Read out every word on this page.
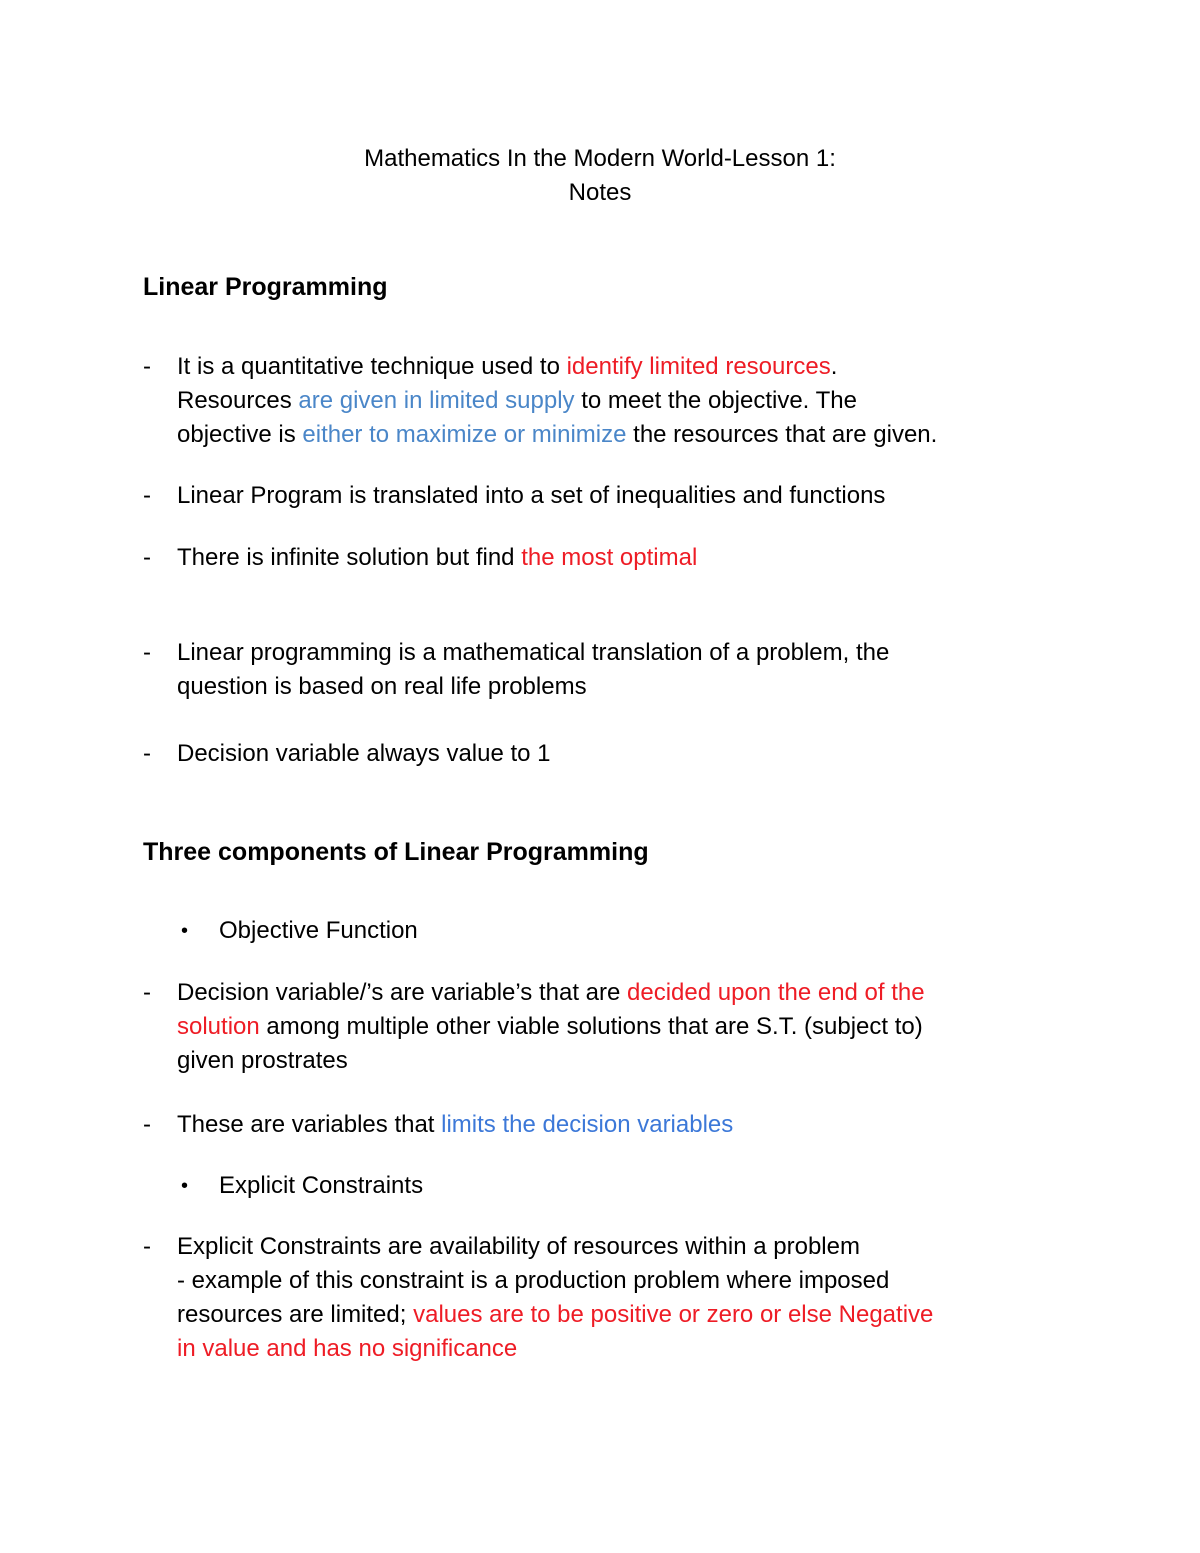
Mathematics In the Modern World-Lesson 1:
Notes
Linear Programming
-	It is a quantitative technique used to identify limited resources.
Resources are given in limited supply to meet the objective. The
objective is either to maximize or minimize the resources that are given.
-	Linear Program is translated into a set of inequalities and functions
-	There is infinite solution but find the most optimal
-	Linear programming is a mathematical translation of a problem, the
question is based on real life problems
-	Decision variable always value to 1
Three components of Linear Programming
•	Objective Function
-	Decision variable/’s are variable’s that are decided upon the end of the
solution among multiple other viable solutions that are S.T. (subject to)
given prostrates
-	These are variables that limits the decision variables
•	Explicit Constraints
-	Explicit Constraints are availability of resources within a problem
- example of this constraint is a production problem where imposed
resources are limited; values are to be positive or zero or else Negative
in value and has no significance
